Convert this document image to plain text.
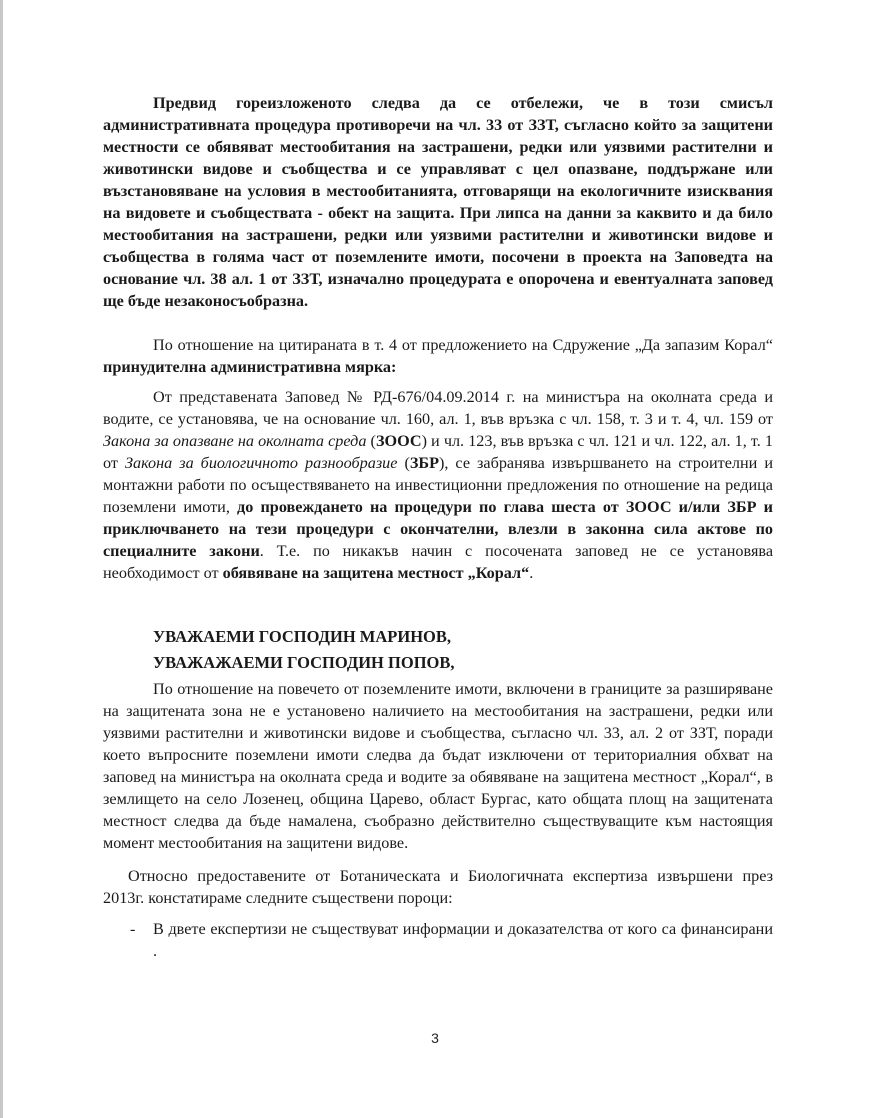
Предвид гореизложеното следва да се отбележи, че в този смисъл административната процедура противоречи на чл. 33 от ЗЗТ, съгласно който за защитени местности се обявяват местообитания на застрашени, редки или уязвими растителни и животински видове и съобщества и се управляват с цел опазване, поддържане или възстановяване на условия в местообитанията, отговарящи на екологичните изисквания на видовете и съобществата - обект на защита. При липса на данни за каквито и да било местообитания на застрашени, редки или уязвими растителни и животински видове и съобщества в голяма част от поземлените имоти, посочени в проекта на Заповедта на основание чл. 38 ал. 1 от ЗЗТ, изначално процедурата е опорочена и евентуалната заповед ще бъде незаконосъобразна.

По отношение на цитираната в т. 4 от предложението на Сдружение „Да запазим Корал“ принудителна административна мярка:

От представената Заповед № РД-676/04.09.2014 г. на министъра на околната среда и водите, се установява, че на основание чл. 160, ал. 1, във връзка с чл. 158, т. 3 и т. 4, чл. 159 от Закона за опазване на околната среда (ЗООС) и чл. 123, във връзка с чл. 121 и чл. 122, ал. 1, т. 1 от Закона за биологичното разнообразие (ЗБР), се забранява извършването на строителни и монтажни работи по осъществяването на инвестиционни предложения по отношение на редица поземлени имоти, до провеждането на процедури по глава шеста от ЗООС и/или ЗБР и приключването на тези процедури с окончателни, влезли в законна сила актове по специалните закони. Т.е. по никакъв начин с посочената заповед не се установява необходимост от обявяване на защитена местност „Корал“.

УВАЖАЕМИ ГОСПОДИН МАРИНОВ,

УВАЖАЖАЕМИ ГОСПОДИН ПОПОВ,

По отношение на повечето от поземлените имоти, включени в границите за разширяване на защитената зона не е установено наличието на местообитания на застрашени, редки или уязвими растителни и животински видове и съобщества, съгласно чл. 33, ал. 2 от ЗЗТ, поради което въпросните поземлени имоти следва да бъдат изключени от териториалния обхват на заповед на министъра на околната среда и водите за обявяване на защитена местност „Корал“, в землището на село Лозенец, община Царево, област Бургас, като общата площ на защитената местност следва да бъде намалена, съобразно действително съществуващите към настоящия момент местообитания на защитени видове.

Относно предоставените от Ботаническата и Биологичната експертиза извършени през 2013г. констатираме следните съществени пороци:

- В двете експертизи не съществуват информации и доказателства от кого са финансирани .

3
